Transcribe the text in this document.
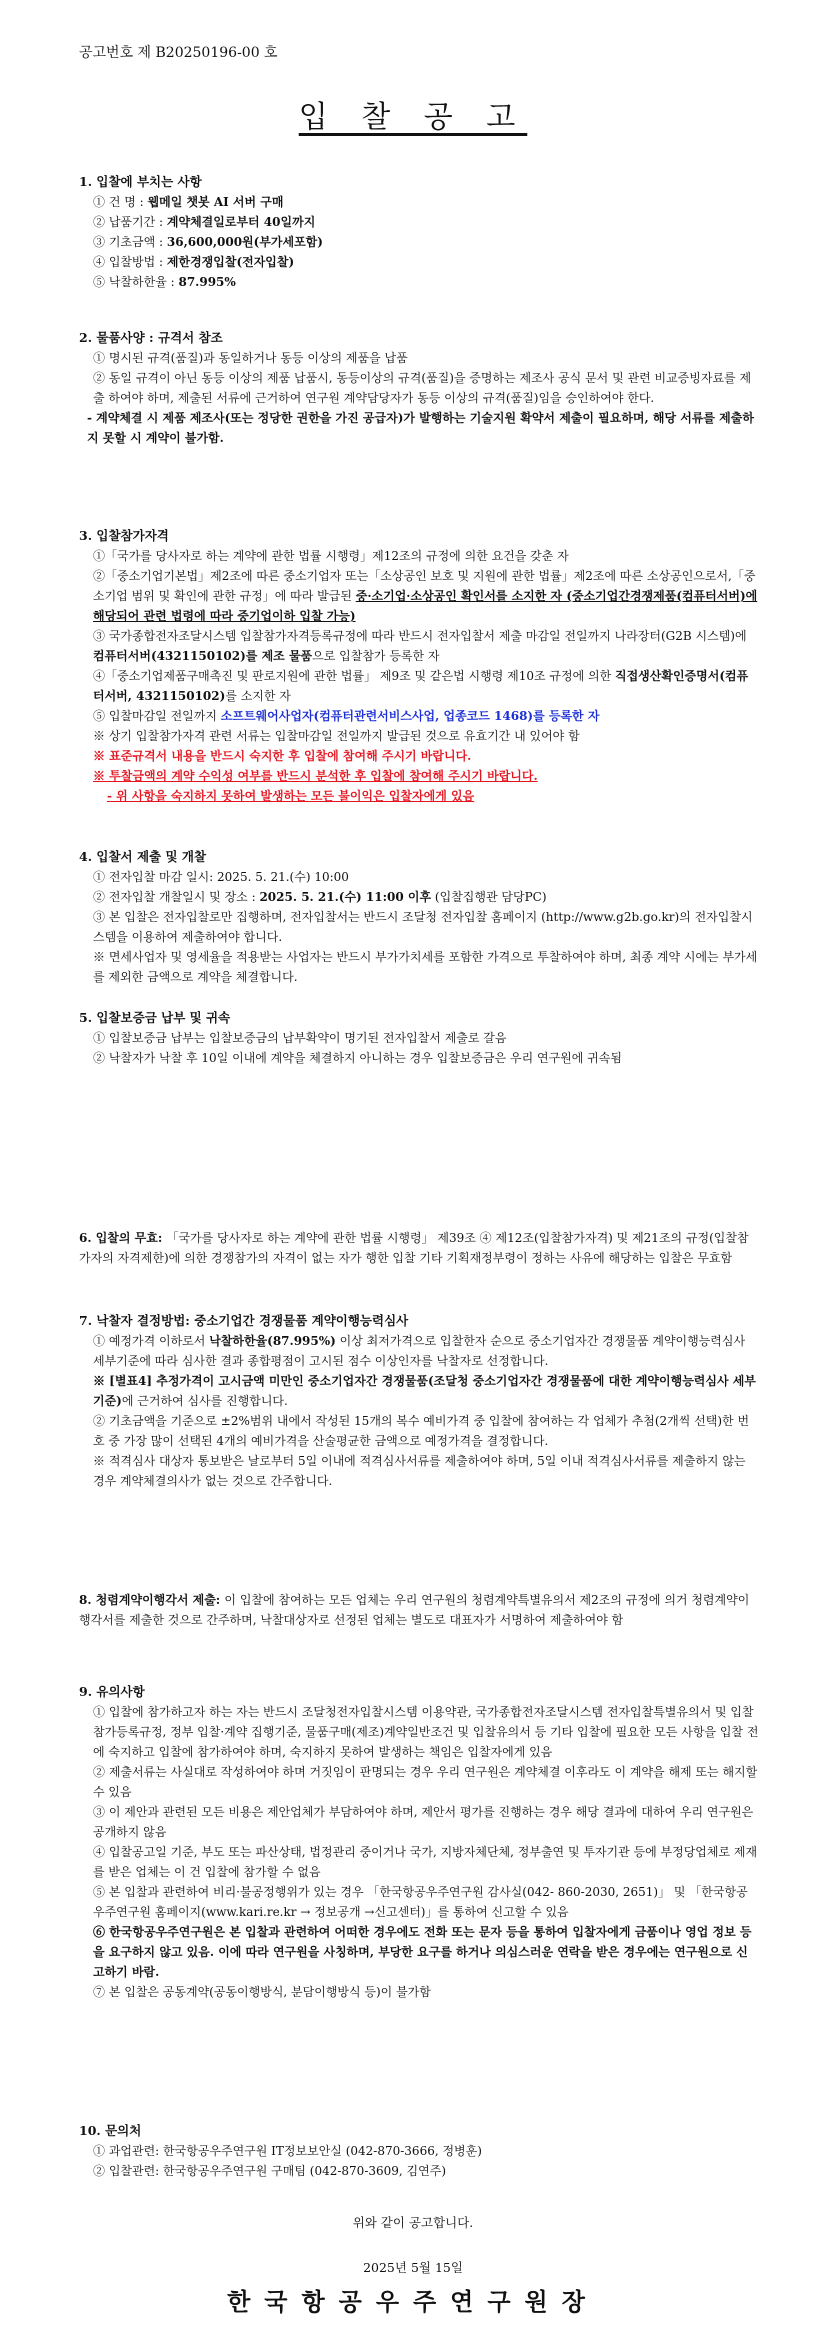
공고번호 제 B20250196-00 호
입 찰 공 고
1. 입찰에 부치는 사항
① 건 명 : 웹메일 챗봇 AI 서버 구매
② 납품기간 : 계약체결일로부터 40일까지
③ 기초금액 : 36,600,000원(부가세포함)
④ 입찰방법 : 제한경쟁입찰(전자입찰)
⑤ 낙찰하한율 : 87.995%
2. 물품사양 : 규격서 참조
① 명시된 규격(품질)과 동일하거나 동등 이상의 제품을 납품
② 동일 규격이 아닌 동등 이상의 제품 납품시, 동등이상의 규격(품질)을 증명하는 제조사 공식 문서 및 관련 비교증빙자료를 제출 하여야 하며, 제출된 서류에 근거하여 연구원 계약담당자가 동등 이상의 규격(품질)임을 승인하여야 한다.
- 계약체결 시 제품 제조사(또는 정당한 권한을 가진 공급자)가 발행하는 기술지원 확약서 제출이 필요하며, 해당 서류를 제출하지 못할 시 계약이 불가함.
3. 입찰참가자격
①「국가를 당사자로 하는 계약에 관한 법률 시행령」제12조의 규정에 의한 요건을 갖춘 자
②「중소기업기본법」제2조에 따른 중소기업자 또는「소상공인 보호 및 지원에 관한 법률」제2조에 따른 소상공인으로서,「중소기업 범위 및 확인에 관한 규정」에 따라 발급된 중·소기업·소상공인 확인서를 소지한 자 (중소기업간경쟁제품(컴퓨터서버)에 해당되어 관련 법령에 따라 중기업이하 입찰 가능)
③ 국가종합전자조달시스템 입찰참가자격등록규정에 따라 반드시 전자입찰서 제출 마감일 전일까지 나라장터(G2B 시스템)에 컴퓨터서버(4321150102)를 제조 물품으로 입찰참가 등록한 자
④「중소기업제품구매촉진 및 판로지원에 관한 법률」 제9조 및 같은법 시행령 제10조 규정에 의한 직접생산확인증명서(컴퓨터서버, 4321150102)를 소지한 자
⑤ 입찰마감일 전일까지 소프트웨어사업자(컴퓨터관련서비스사업, 업종코드 1468)를 등록한 자
※ 상기 입찰참가자격 관련 서류는 입찰마감일 전일까지 발급된 것으로 유효기간 내 있어야 함
※ 표준규격서 내용을 반드시 숙지한 후 입찰에 참여해 주시기 바랍니다.
※ 투찰금액의 계약 수익성 여부를 반드시 분석한 후 입찰에 참여해 주시기 바랍니다.
- 위 사항을 숙지하지 못하여 발생하는 모든 불이익은 입찰자에게 있음
4. 입찰서 제출 및 개찰
① 전자입찰 마감 일시: 2025. 5. 21.(수) 10:00
② 전자입찰 개찰일시 및 장소 : 2025. 5. 21.(수) 11:00 이후 (입찰집행관 담당PC)
③ 본 입찰은 전자입찰로만 집행하며, 전자입찰서는 반드시 조달청 전자입찰 홈페이지 (http://www.g2b.go.kr)의 전자입찰시스템을 이용하여 제출하여야 합니다.
※ 면세사업자 및 영세율을 적용받는 사업자는 반드시 부가가치세를 포함한 가격으로 투찰하여야 하며, 최종 계약 시에는 부가세를 제외한 금액으로 계약을 체결합니다.
5. 입찰보증금 납부 및 귀속
① 입찰보증금 납부는 입찰보증금의 납부확약이 명기된 전자입찰서 제출로 갈음
② 낙찰자가 낙찰 후 10일 이내에 계약을 체결하지 아니하는 경우 입찰보증금은 우리 연구원에 귀속됨
6. 입찰의 무효: 「국가를 당사자로 하는 계약에 관한 법률 시행령」 제39조 ④ 제12조(입찰참가자격) 및 제21조의 규정(입찰참가자의 자격제한)에 의한 경쟁참가의 자격이 없는 자가 행한 입찰 기타 기획재정부령이 정하는 사유에 해당하는 입찰은 무효함
7. 낙찰자 결정방법: 중소기업간 경쟁물품 계약이행능력심사
① 예정가격 이하로서 낙찰하한율(87.995%) 이상 최저가격으로 입찰한자 순으로 중소기업자간 경쟁물품 계약이행능력심사 세부기준에 따라 심사한 결과 종합평점이 고시된 점수 이상인자를 낙찰자로 선정합니다.
※ [별표4] 추정가격이 고시금액 미만인 중소기업자간 경쟁물품(조달청 중소기업자간 경쟁물품에 대한 계약이행능력심사 세부기준)에 근거하여 심사를 진행합니다.
② 기초금액을 기준으로 ±2%범위 내에서 작성된 15개의 복수 예비가격 중 입찰에 참여하는 각 업체가 추첨(2개씩 선택)한 번호 중 가장 많이 선택된 4개의 예비가격을 산술평균한 금액으로 예정가격을 결정합니다.
※ 적격심사 대상자 통보받은 날로부터 5일 이내에 적격심사서류를 제출하여야 하며, 5일 이내 적격심사서류를 제출하지 않는 경우 계약체결의사가 없는 것으로 간주합니다.
8. 청렴계약이행각서 제출: 이 입찰에 참여하는 모든 업체는 우리 연구원의 청렴계약특별유의서 제2조의 규정에 의거 청렴계약이행각서를 제출한 것으로 간주하며, 낙찰대상자로 선정된 업체는 별도로 대표자가 서명하여 제출하여야 함
9. 유의사항
① 입찰에 참가하고자 하는 자는 반드시 조달청전자입찰시스템 이용약관, 국가종합전자조달시스템 전자입찰특별유의서 및 입찰참가등록규정, 정부 입찰·계약 집행기준, 물품구매(제조)계약일반조건 및 입찰유의서 등 기타 입찰에 필요한 모든 사항을 입찰 전에 숙지하고 입찰에 참가하여야 하며, 숙지하지 못하여 발생하는 책임은 입찰자에게 있음
② 제출서류는 사실대로 작성하여야 하며 거짓임이 판명되는 경우 우리 연구원은 계약체결 이후라도 이 계약을 해제 또는 해지할 수 있음
③ 이 제안과 관련된 모든 비용은 제안업체가 부담하여야 하며, 제안서 평가를 진행하는 경우 해당 결과에 대하여 우리 연구원은 공개하지 않음
④ 입찰공고일 기준, 부도 또는 파산상태, 법정관리 중이거나 국가, 지방자체단체, 정부출연 및 투자기관 등에 부정당업체로 제재를 받은 업체는 이 건 입찰에 참가할 수 없음
⑤ 본 입찰과 관련하여 비리·불공정행위가 있는 경우 「한국항공우주연구원 감사실(042- 860-2030, 2651)」 및 「한국항공우주연구원 홈페이지(www.kari.re.kr → 정보공개 →신고센터)」를 통하여 신고할 수 있음
⑥ 한국항공우주연구원은 본 입찰과 관련하여 어떠한 경우에도 전화 또는 문자 등을 통하여 입찰자에게 금품이나 영업 정보 등을 요구하지 않고 있음. 이에 따라 연구원을 사칭하며, 부당한 요구를 하거나 의심스러운 연락을 받은 경우에는 연구원으로 신고하기 바람.
⑦ 본 입찰은 공동계약(공동이행방식, 분담이행방식 등)이 불가함
10. 문의처
① 과업관련: 한국항공우주연구원 IT정보보안실 (042-870-3666, 정병훈)
② 입찰관련: 한국항공우주연구원 구매팀 (042-870-3609, 김연주)
위와 같이 공고합니다.
2025년 5월 15일
한국항공우주연구원장
